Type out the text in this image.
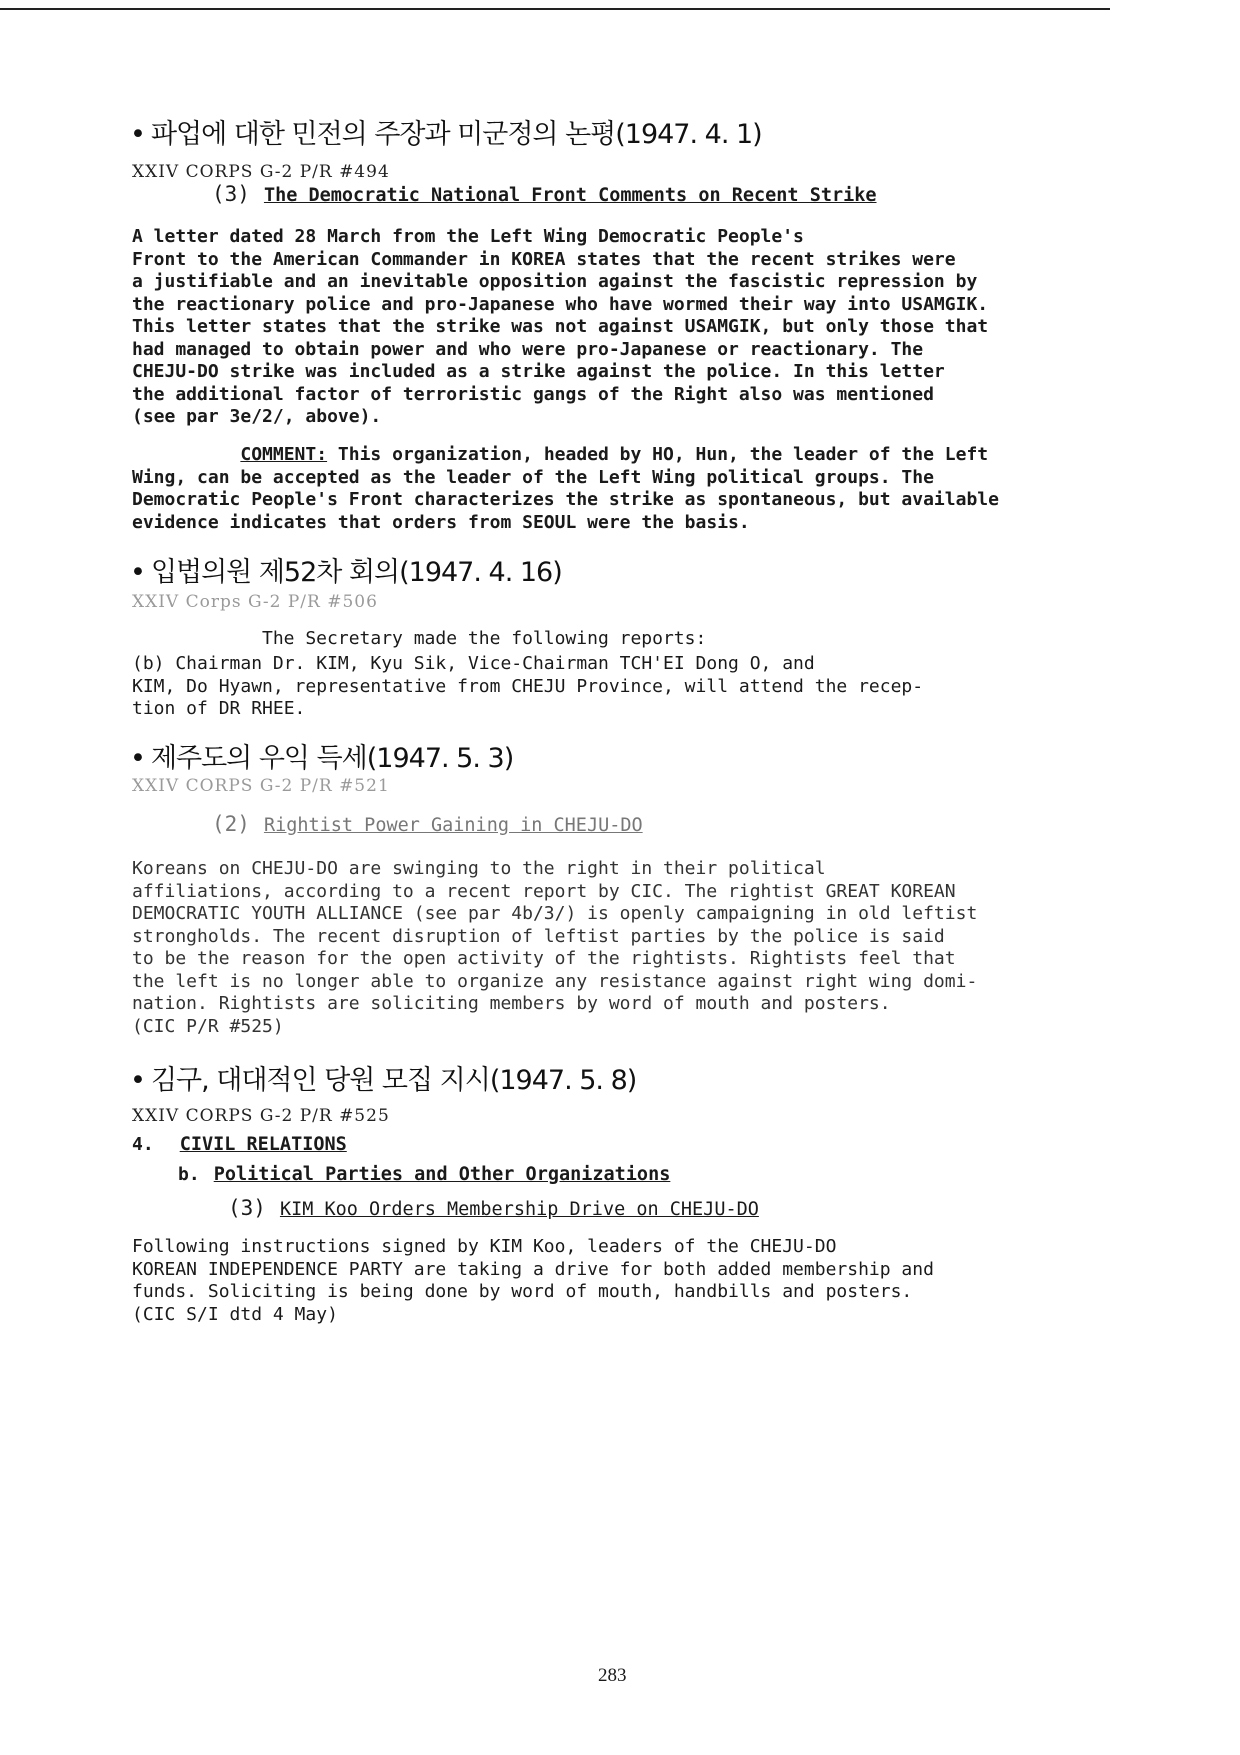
• 파업에 대한 민전의 주장과 미군정의 논평(1947. 4. 1)
XXIV CORPS G-2 P/R #494
(3) The Democratic National Front Comments on Recent Strike

A letter dated 28 March from the Left Wing Democratic People's
Front to the American Commander in KOREA states that the recent strikes were
a justifiable and an inevitable opposition against the fascistic repression by
the reactionary police and pro-Japanese who have wormed their way into USAMGIK.
This letter states that the strike was not against USAMGIK, but only those that
had managed to obtain power and who were pro-Japanese or reactionary. The
CHEJU-DO strike was included as a strike against the police. In this letter
the additional factor of terroristic gangs of the Right also was mentioned
(see par 3e/2/, above).

COMMENT: This organization, headed by HO, Hun, the leader of the Left
Wing, can be accepted as the leader of the Left Wing political groups. The
Democratic People's Front characterizes the strike as spontaneous, but available
evidence indicates that orders from SEOUL were the basis.

• 입법의원 제52차 회의(1947. 4. 16)
XXIV Corps G-2 P/R #506
The Secretary made the following reports:

(b) Chairman Dr. KIM, Kyu Sik, Vice-Chairman TCH'EI Dong O, and
KIM, Do Hyawn, representative from CHEJU Province, will attend the recep-
tion of DR RHEE.

• 제주도의 우익 득세(1947. 5. 3)
XXIV CORPS G-2 P/R #521
(2) Rightist Power Gaining in CHEJU-DO

Koreans on CHEJU-DO are swinging to the right in their political
affiliations, according to a recent report by CIC. The rightist GREAT KOREAN
DEMOCRATIC YOUTH ALLIANCE (see par 4b/3/) is openly campaigning in old leftist
strongholds. The recent disruption of leftist parties by the police is said
to be the reason for the open activity of the rightists. Rightists feel that
the left is no longer able to organize any resistance against right wing domi-
nation. Rightists are soliciting members by word of mouth and posters.
(CIC P/R #525)

• 김구, 대대적인 당원 모집 지시(1947. 5. 8)
XXIV CORPS G-2 P/R #525
4. CIVIL RELATIONS
b. Political Parties and Other Organizations
(3) KIM Koo Orders Membership Drive on CHEJU-DO

Following instructions signed by KIM Koo, leaders of the CHEJU-DO
KOREAN INDEPENDENCE PARTY are taking a drive for both added membership and
funds. Soliciting is being done by word of mouth, handbills and posters.
(CIC S/I dtd 4 May)

283
